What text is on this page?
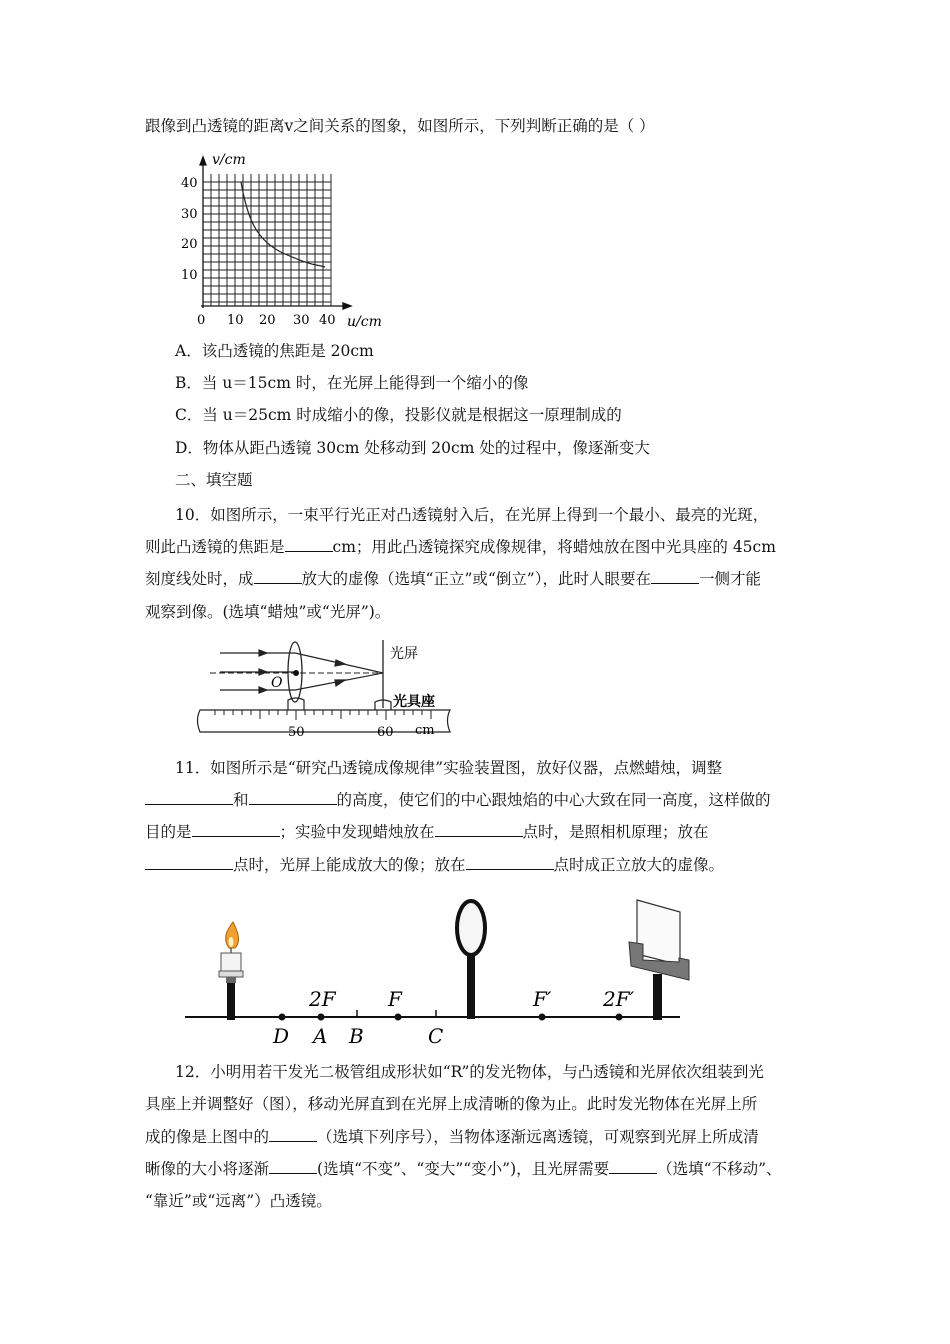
跟像到凸透镜的距离v之间关系的图象，如图所示，下列判断正确的是（ ）
v/cm
u/cm
40
30
20
10
0 10 20 30 40
A．该凸透镜的焦距是 20cm
B．当 u＝15cm 时，在光屏上能得到一个缩小的像
C．当 u＝25cm 时成缩小的像，投影仪就是根据这一原理制成的
D．物体从距凸透镜 30cm 处移动到 20cm 处的过程中，像逐渐变大
二、填空题
10．如图所示，一束平行光正对凸透镜射入后，在光屏上得到一个最小、最亮的光斑，
则此凸透镜的焦距是	cm；用此凸透镜探究成像规律，将蜡烛放在图中光具座的 45cm
刻度线处时，成	放大的虚像（选填“正立”或“倒立”），此时人眼要在	一侧才能
观察到像。(选填“蜡烛”或“光屏”)。
O
光屏
光具座
50	60 cm
11．如图所示是“研究凸透镜成像规律”实验装置图，放好仪器，点燃蜡烛，调整
和	的高度，使它们的中心跟烛焰的中心大致在同一高度，这样做的
目的是	；实验中发现蜡烛放在	点时，是照相机原理；放在
点时，光屏上能成放大的像；放在	点时成正立放大的虚像。
D A B	C
2F	F	F′	2F′
12．小明用若干发光二极管组成形状如“R”的发光物体，与凸透镜和光屏依次组装到光
具座上并调整好（图），移动光屏直到在光屏上成清晰的像为止。此时发光物体在光屏上所
成的像是上图中的	（选填下列序号），当物体逐渐远离透镜，可观察到光屏上所成清
晰像的大小将逐渐	(选填“不变”、“变大”“变小”)，且光屏需要	（选填“不移动”、
“靠近”或“远离”）凸透镜。
